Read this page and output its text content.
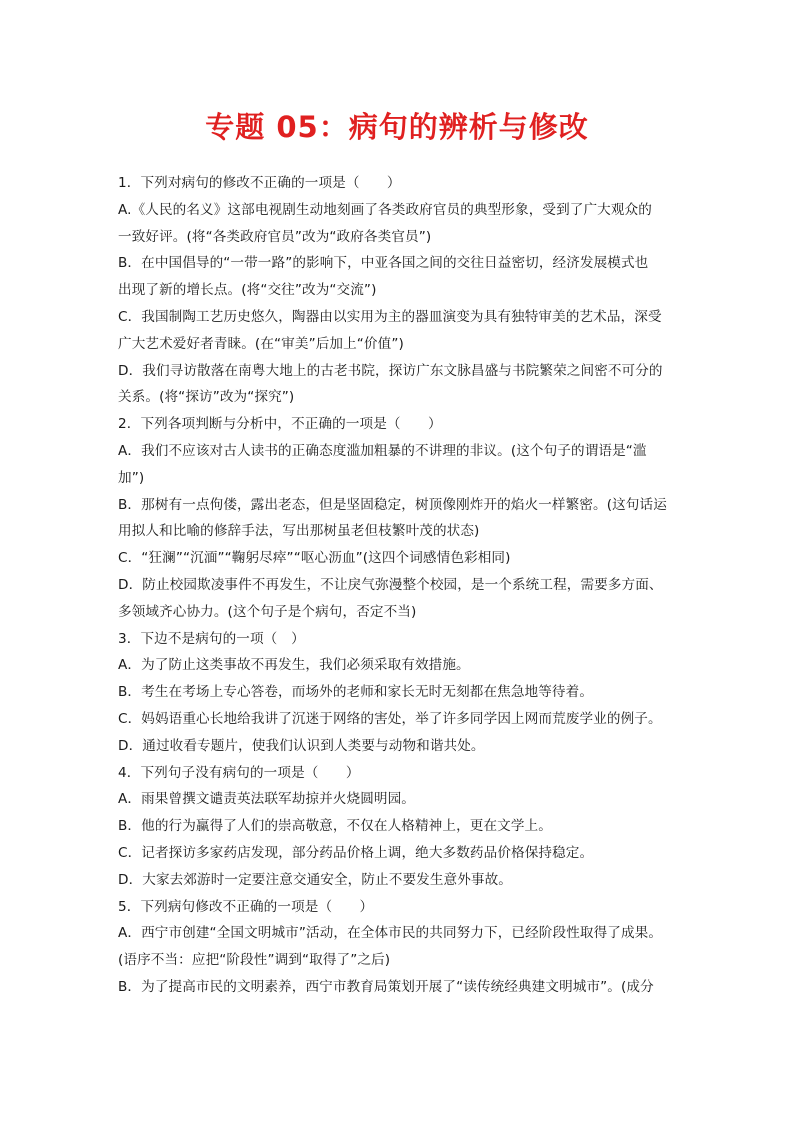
专题 05：病句的辨析与修改
1．下列对病句的修改不正确的一项是（　　）
A.《人民的名义》这部电视剧生动地刻画了各类政府官员的典型形象，受到了广大观众的
一致好评。(将“各类政府官员”改为“政府各类官员”)
B．在中国倡导的“一带一路”的影响下，中亚各国之间的交往日益密切，经济发展模式也
出现了新的增长点。(将“交往”改为“交流”)
C．我国制陶工艺历史悠久，陶器由以实用为主的器皿演变为具有独特审美的艺术品，深受
广大艺术爱好者青睐。(在“审美”后加上“价值”)
D．我们寻访散落在南粤大地上的古老书院，探访广东文脉昌盛与书院繁荣之间密不可分的
关系。(将“探访”改为“探究”)
2．下列各项判断与分析中，不正确的一项是（　　）
A．我们不应该对古人读书的正确态度滥加粗暴的不讲理的非议。(这个句子的谓语是“滥
加”)
B．那树有一点佝偻，露出老态，但是坚固稳定，树顶像刚炸开的焰火一样繁密。(这句话运
用拟人和比喻的修辞手法，写出那树虽老但枝繁叶茂的状态)
C．“狂澜”“沉湎”“鞠躬尽瘁”“呕心沥血”(这四个词感情色彩相同)
D．防止校园欺凌事件不再发生，不让戾气弥漫整个校园，是一个系统工程，需要多方面、
多领域齐心协力。(这个句子是个病句，否定不当)
3．下边不是病句的一项（　）
A．为了防止这类事故不再发生，我们必须采取有效措施。
B．考生在考场上专心答卷，而场外的老师和家长无时无刻都在焦急地等待着。
C．妈妈语重心长地给我讲了沉迷于网络的害处，举了许多同学因上网而荒废学业的例子。
D．通过收看专题片，使我们认识到人类要与动物和谐共处。
4．下列句子没有病句的一项是（　　）
A．雨果曾撰文谴责英法联军劫掠并火烧圆明园。
B．他的行为赢得了人们的崇高敬意，不仅在人格精神上，更在文学上。
C．记者探访多家药店发现，部分药品价格上调，绝大多数药品价格保持稳定。
D．大家去郊游时一定要注意交通安全，防止不要发生意外事故。
5．下列病句修改不正确的一项是（　　）
A．西宁市创建“全国文明城市”活动，在全体市民的共同努力下，已经阶段性取得了成果。
(语序不当：应把“阶段性”调到“取得了”之后)
B．为了提高市民的文明素养，西宁市教育局策划开展了“读传统经典建文明城市”。(成分
